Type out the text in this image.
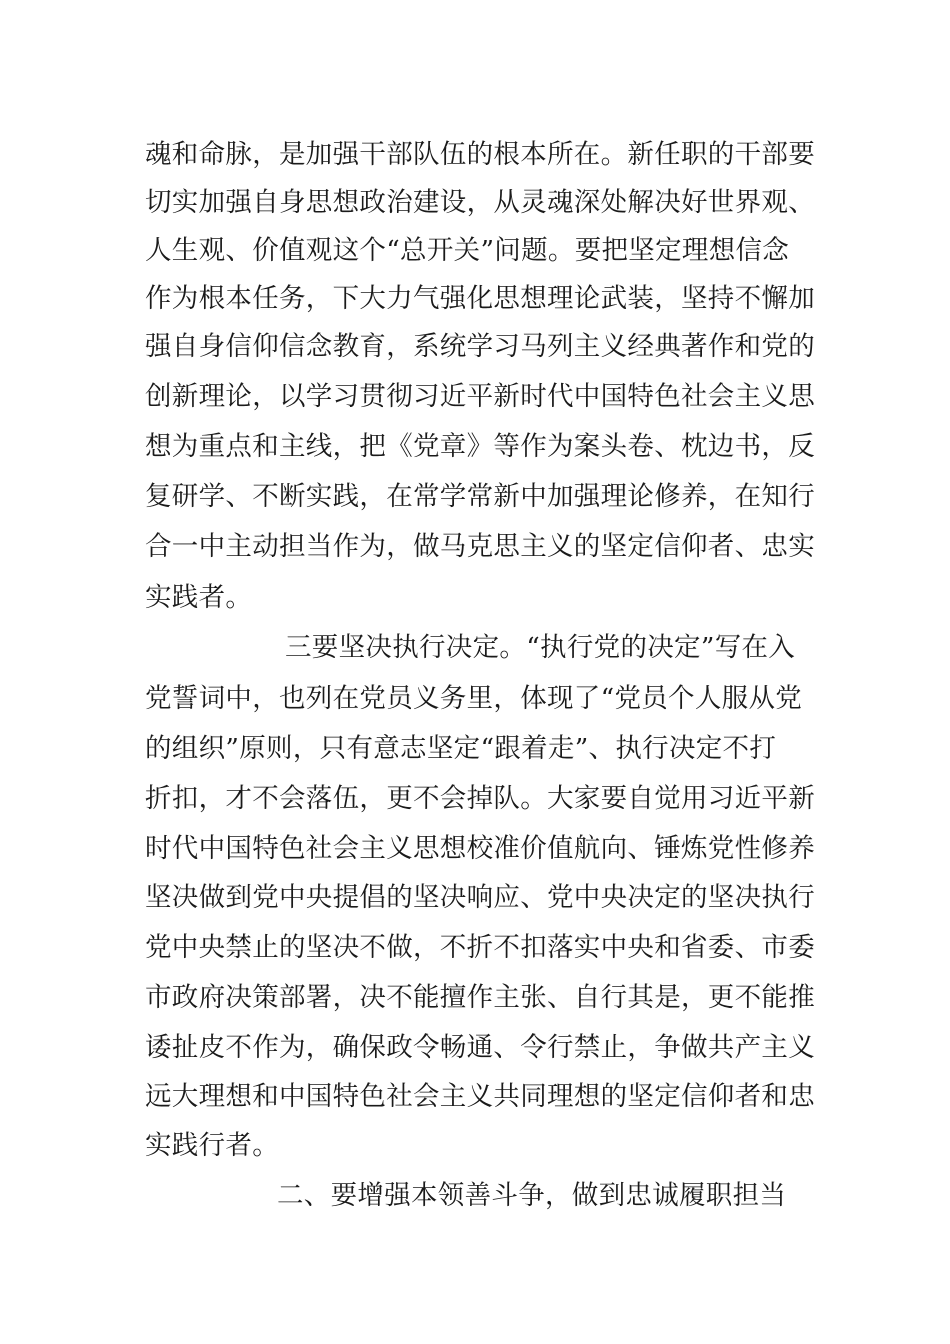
魂和命脉，是加强干部队伍的根本所在。新任职的干部要
切实加强自身思想政治建设，从灵魂深处解决好世界观、
人生观、价值观这个“总开关”问题。要把坚定理想信念
作为根本任务，下大力气强化思想理论武装，坚持不懈加
强自身信仰信念教育，系统学习马列主义经典著作和党的
创新理论，以学习贯彻习近平新时代中国特色社会主义思
想为重点和主线，把《党章》等作为案头卷、枕边书，反
复研学、不断实践，在常学常新中加强理论修养，在知行
合一中主动担当作为，做马克思主义的坚定信仰者、忠实
实践者。
三要坚决执行决定。“执行党的决定”写在入
党誓词中，也列在党员义务里，体现了“党员个人服从党
的组织”原则，只有意志坚定“跟着走”、执行决定不打
折扣，才不会落伍，更不会掉队。大家要自觉用习近平新
时代中国特色社会主义思想校准价值航向、锤炼党性修养
坚决做到党中央提倡的坚决响应、党中央决定的坚决执行
党中央禁止的坚决不做，不折不扣落实中央和省委、市委
市政府决策部署，决不能擅作主张、自行其是，更不能推
诿扯皮不作为，确保政令畅通、令行禁止，争做共产主义
远大理想和中国特色社会主义共同理想的坚定信仰者和忠
实践行者。
二、要增强本领善斗争，做到忠诚履职担当
